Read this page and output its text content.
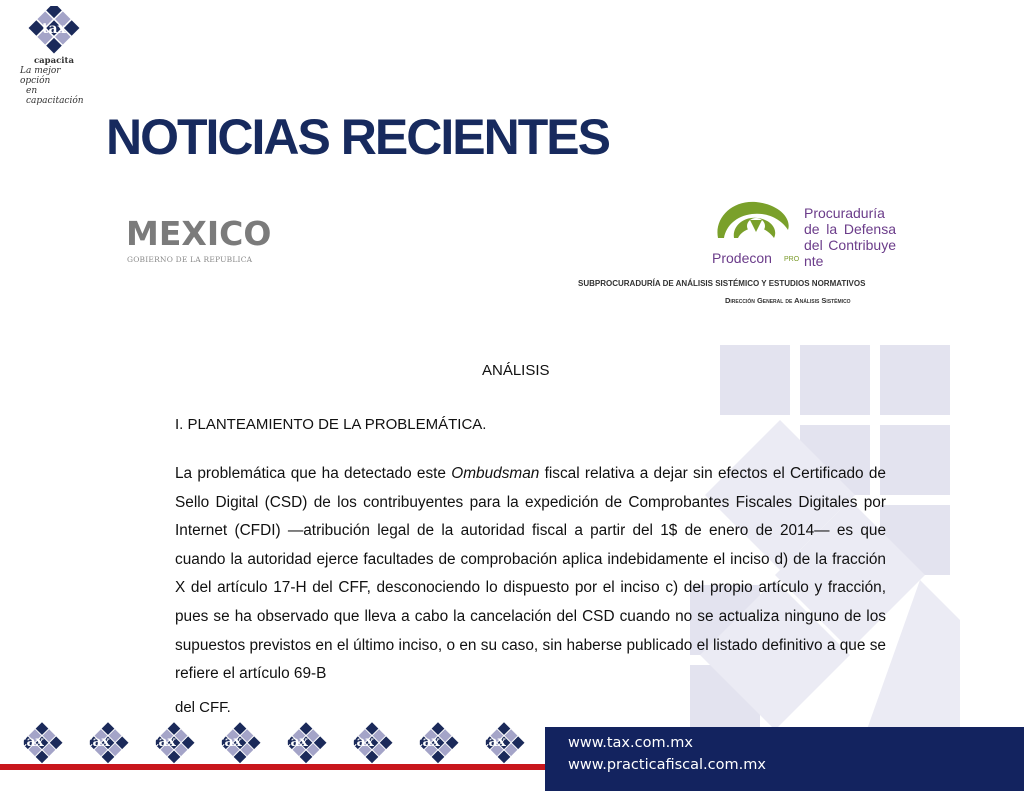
tax
capacita
La mejor opción
en capacitación
NOTICIAS RECIENTES
MEXICO
GOBIERNO DE LA REPUBLICA	Prodecon PRO
Procuraduría de la Defensa del Contribuyente
SUBPROCURADURÍA DE ANÁLISIS SISTÉMICO Y ESTUDIOS NORMATIVOS
Dirección General de Análisis Sistémico
ANÁLISIS
I. PLANTEAMIENTO DE LA PROBLEMÁTICA.
La problemática que ha detectado este Ombudsman fiscal relativa a dejar sin efectos el Certificado de Sello Digital (CSD) de los contribuyentes para la expedición de Comprobantes Fiscales Digitales por Internet (CFDI) —atribución legal de la autoridad fiscal a partir del 1$ de enero de 2014— es que cuando la autoridad ejerce facultades de comprobación aplica indebidamente el inciso d) de la fracción X del artículo 17-H del CFF, desconociendo lo dispuesto por el inciso c) del propio artículo y fracción, pues se ha observado que lleva a cabo la cancelación del CSD cuando no se actualiza ninguno de los supuestos previstos en el último inciso, o en su caso, sin haberse publicado el listado definitivo a que se refiere el artículo 69-B
del CFF.
tax	tax	tax	tax	tax	tax	tax	tax	www.tax.com.mx
www.practicafiscal.com.mx
